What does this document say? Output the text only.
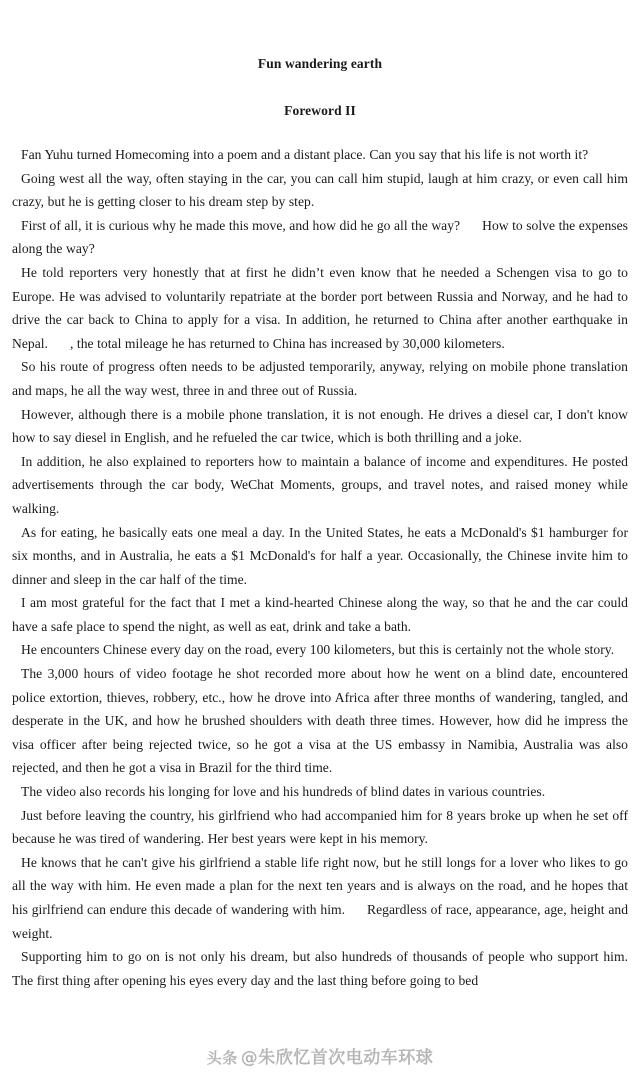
Fun wandering earth
Foreword II

Fan Yuhu turned Homecoming into a poem and a distant place. Can you say that his life is not worth it?

Going west all the way, often staying in the car, you can call him stupid, laugh at him crazy, or even call him crazy, but he is getting closer to his dream step by step.

First of all, it is curious why he made this move, and how did he go all the way? How to solve the expenses along the way?

He told reporters very honestly that at first he didn’t even know that he needed a Schengen visa to go to Europe. He was advised to voluntarily repatriate at the border port between Russia and Norway, and he had to drive the car back to China to apply for a visa. In addition, he returned to China after another earthquake in Nepal. , the total mileage he has returned to China has increased by 30,000 kilometers.

So his route of progress often needs to be adjusted temporarily, anyway, relying on mobile phone translation and maps, he all the way west, three in and three out of Russia.

However, although there is a mobile phone translation, it is not enough. He drives a diesel car, I don't know how to say diesel in English, and he refueled the car twice, which is both thrilling and a joke.

In addition, he also explained to reporters how to maintain a balance of income and expenditures. He posted advertisements through the car body, WeChat Moments, groups, and travel notes, and raised money while walking.

As for eating, he basically eats one meal a day. In the United States, he eats a McDonald's $1 hamburger for six months, and in Australia, he eats a $1 McDonald's for half a year. Occasionally, the Chinese invite him to dinner and sleep in the car half of the time.

I am most grateful for the fact that I met a kind-hearted Chinese along the way, so that he and the car could have a safe place to spend the night, as well as eat, drink and take a bath.

He encounters Chinese every day on the road, every 100 kilometers, but this is certainly not the whole story.

The 3,000 hours of video footage he shot recorded more about how he went on a blind date, encountered police extortion, thieves, robbery, etc., how he drove into Africa after three months of wandering, tangled, and desperate in the UK, and how he brushed shoulders with death three times. However, how did he impress the visa officer after being rejected twice, so he got a visa at the US embassy in Namibia, Australia was also rejected, and then he got a visa in Brazil for the third time.

The video also records his longing for love and his hundreds of blind dates in various countries.

Just before leaving the country, his girlfriend who had accompanied him for 8 years broke up when he set off because he was tired of wandering. Her best years were kept in his memory.

He knows that he can't give his girlfriend a stable life right now, but he still longs for a lover who likes to go all the way with him. He even made a plan for the next ten years and is always on the road, and he hopes that his girlfriend can endure this decade of wandering with him. Regardless of race, appearance, age, height and weight.

Supporting him to go on is not only his dream, but also hundreds of thousands of people who support him. The first thing after opening his eyes every day and the last thing before going to bed

头条 @朱欣忆首次电动车环球
